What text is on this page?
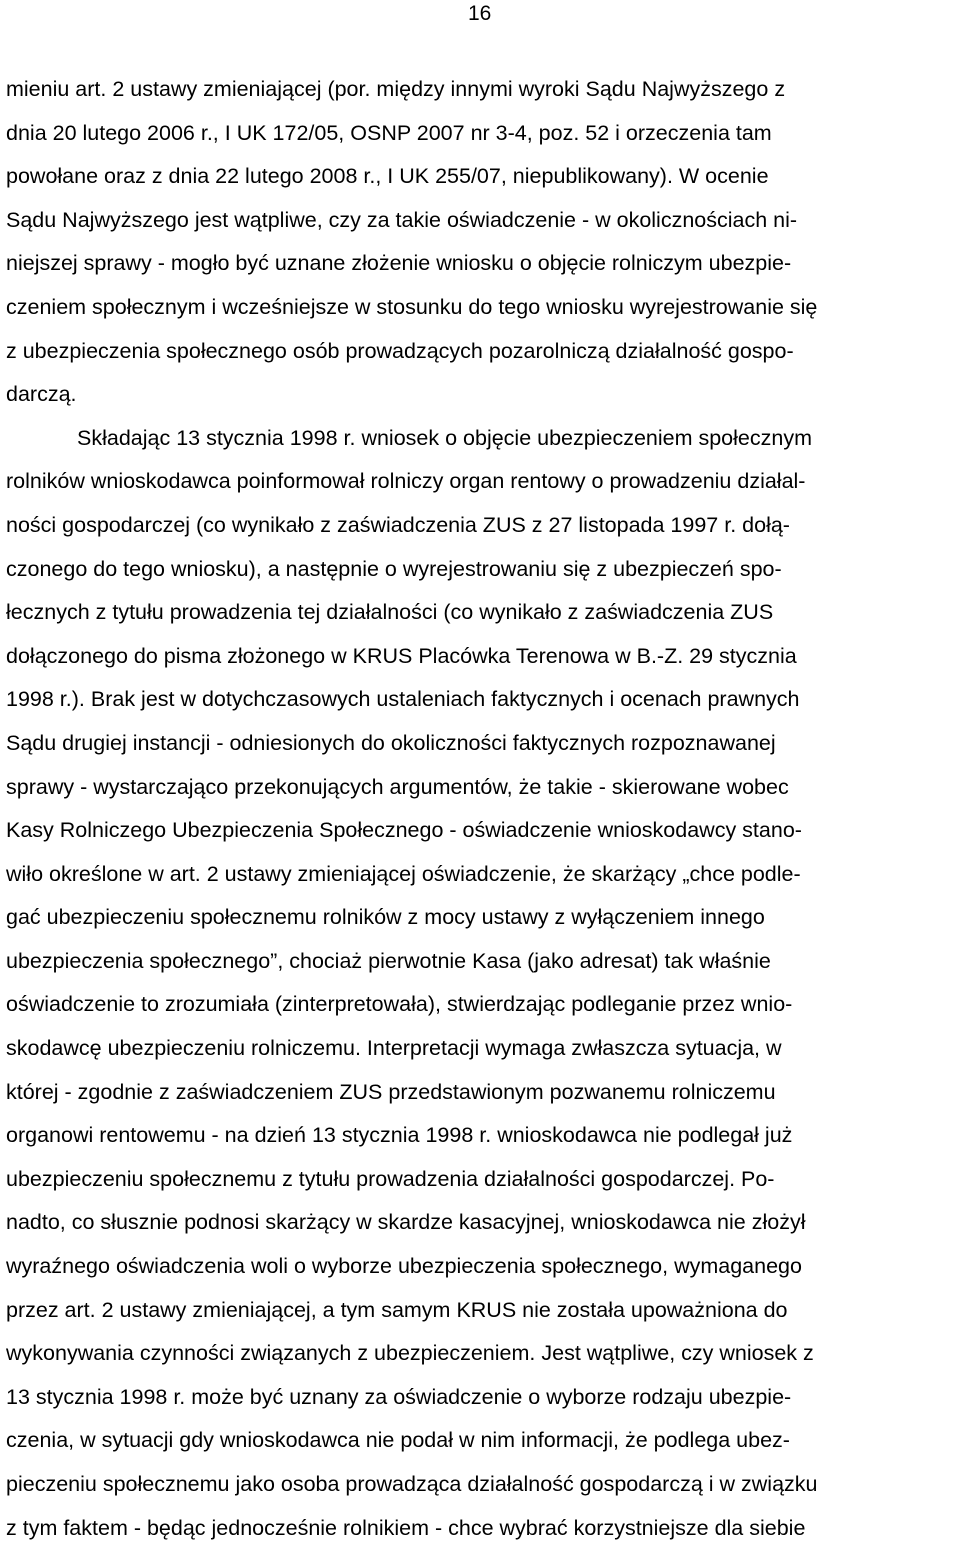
16
mieniu art. 2 ustawy zmieniającej (por. między innymi wyroki Sądu Najwyższego z
dnia 20 lutego 2006 r., I UK 172/05, OSNP 2007 nr 3-4, poz. 52 i orzeczenia tam
powołane oraz z dnia 22 lutego 2008 r., I UK 255/07, niepublikowany). W ocenie
Sądu Najwyższego jest wątpliwe, czy za takie oświadczenie - w okolicznościach ni-
niejszej sprawy - mogło być uznane złożenie wniosku o objęcie rolniczym ubezpie-
czeniem społecznym i wcześniejsze w stosunku do tego wniosku wyrejestrowanie się
z ubezpieczenia społecznego osób prowadzących pozarolniczą działalność gospo-
darczą.
Składając 13 stycznia 1998 r. wniosek o objęcie ubezpieczeniem społecznym
rolników wnioskodawca poinformował rolniczy organ rentowy o prowadzeniu działal-
ności gospodarczej (co wynikało z zaświadczenia ZUS z 27 listopada 1997 r. dołą-
czonego do tego wniosku), a następnie o wyrejestrowaniu się z ubezpieczeń spo-
łecznych z tytułu prowadzenia tej działalności (co wynikało z zaświadczenia ZUS
dołączonego do pisma złożonego w KRUS Placówka Terenowa w B.-Z. 29 stycznia
1998 r.). Brak jest w dotychczasowych ustaleniach faktycznych i ocenach prawnych
Sądu drugiej instancji - odniesionych do okoliczności faktycznych rozpoznawanej
sprawy - wystarczająco przekonujących argumentów, że takie - skierowane wobec
Kasy Rolniczego Ubezpieczenia Społecznego - oświadczenie wnioskodawcy stano-
wiło określone w art. 2 ustawy zmieniającej oświadczenie, że skarżący „chce podle-
gać ubezpieczeniu społecznemu rolników z mocy ustawy z wyłączeniem innego
ubezpieczenia społecznego”, chociaż pierwotnie Kasa (jako adresat) tak właśnie
oświadczenie to zrozumiała (zinterpretowała), stwierdzając podleganie przez wnio-
skodawcę ubezpieczeniu rolniczemu. Interpretacji wymaga zwłaszcza sytuacja, w
której - zgodnie z zaświadczeniem ZUS przedstawionym pozwanemu rolniczemu
organowi rentowemu - na dzień 13 stycznia 1998 r. wnioskodawca nie podlegał już
ubezpieczeniu społecznemu z tytułu prowadzenia działalności gospodarczej. Po-
nadto, co słusznie podnosi skarżący w skardze kasacyjnej, wnioskodawca nie złożył
wyraźnego oświadczenia woli o wyborze ubezpieczenia społecznego, wymaganego
przez art. 2 ustawy zmieniającej, a tym samym KRUS nie została upoważniona do
wykonywania czynności związanych z ubezpieczeniem. Jest wątpliwe, czy wniosek z
13 stycznia 1998 r. może być uznany za oświadczenie o wyborze rodzaju ubezpie-
czenia, w sytuacji gdy wnioskodawca nie podał w nim informacji, że podlega ubez-
pieczeniu społecznemu jako osoba prowadząca działalność gospodarczą i w związku
z tym faktem - będąc jednocześnie rolnikiem - chce wybrać korzystniejsze dla siebie
